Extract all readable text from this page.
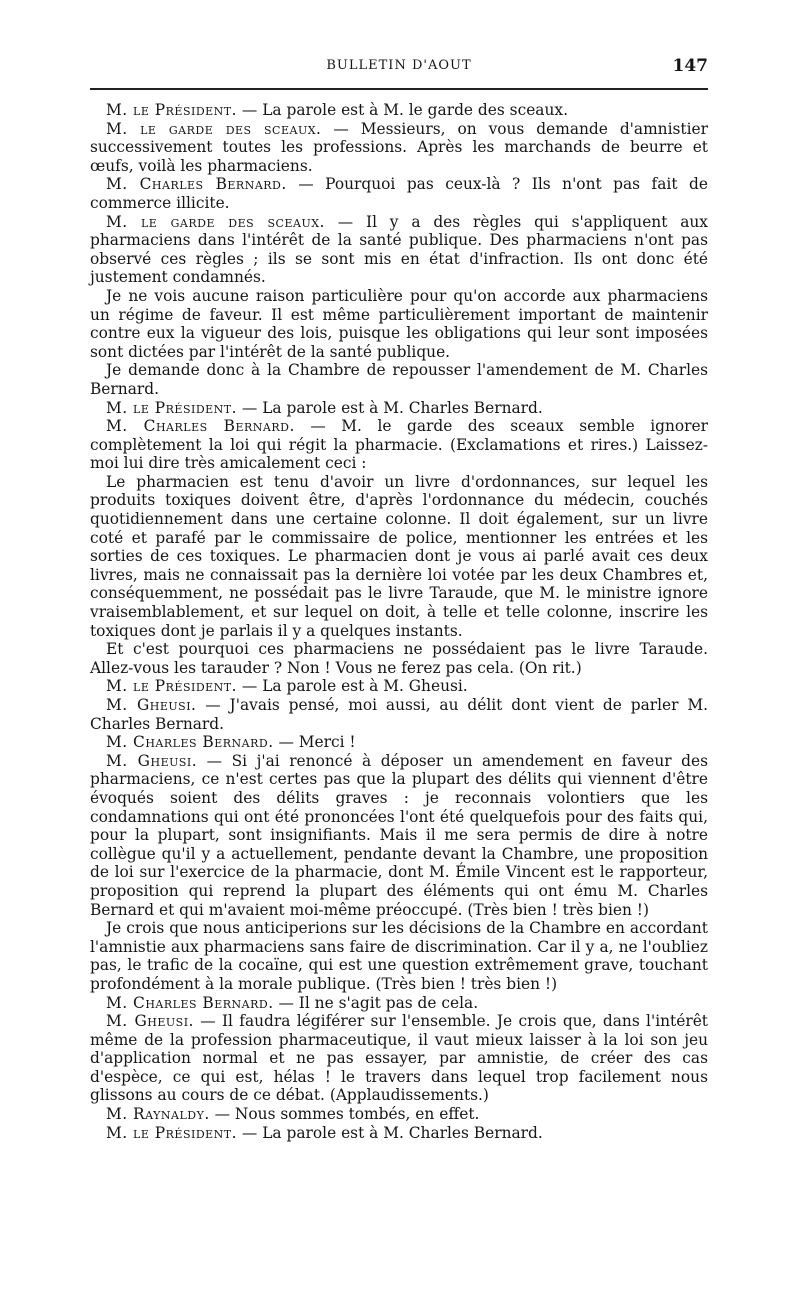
BULLETIN D'AOUT	147

M. le Président. — La parole est à M. le garde des sceaux.

M. le garde des sceaux. — Messieurs, on vous demande d'amnistier successivement toutes les professions. Après les marchands de beurre et œufs, voilà les pharmaciens.

M. Charles Bernard. — Pourquoi pas ceux-là ? Ils n'ont pas fait de commerce illicite.

M. le garde des sceaux. — Il y a des règles qui s'appliquent aux pharmaciens dans l'intérêt de la santé publique. Des pharmaciens n'ont pas observé ces règles ; ils se sont mis en état d'infraction. Ils ont donc été justement condamnés.

Je ne vois aucune raison particulière pour qu'on accorde aux pharmaciens un régime de faveur. Il est même particulièrement important de maintenir contre eux la vigueur des lois, puisque les obligations qui leur sont imposées sont dictées par l'intérêt de la santé publique.

Je demande donc à la Chambre de repousser l'amendement de M. Charles Bernard.

M. le Président. — La parole est à M. Charles Bernard.

M. Charles Bernard. — M. le garde des sceaux semble ignorer complètement la loi qui régit la pharmacie. (Exclamations et rires.) Laissez-moi lui dire très amicalement ceci :

Le pharmacien est tenu d'avoir un livre d'ordonnances, sur lequel les produits toxiques doivent être, d'après l'ordonnance du médecin, couchés quotidiennement dans une certaine colonne. Il doit également, sur un livre coté et parafé par le commissaire de police, mentionner les entrées et les sorties de ces toxiques. Le pharmacien dont je vous ai parlé avait ces deux livres, mais ne connaissait pas la dernière loi votée par les deux Chambres et, conséquemment, ne possédait pas le livre Taraude, que M. le ministre ignore vraisemblablement, et sur lequel on doit, à telle et telle colonne, inscrire les toxiques dont je parlais il y a quelques instants.

Et c'est pourquoi ces pharmaciens ne possédaient pas le livre Taraude. Allez-vous les tarauder ? Non ! Vous ne ferez pas cela. (On rit.)

M. le Président. — La parole est à M. Gheusi.

M. Gheusi. — J'avais pensé, moi aussi, au délit dont vient de parler M. Charles Bernard.

M. Charles Bernard. — Merci !

M. Gheusi. — Si j'ai renoncé à déposer un amendement en faveur des pharmaciens, ce n'est certes pas que la plupart des délits qui viennent d'être évoqués soient des délits graves : je reconnais volontiers que les condamnations qui ont été prononcées l'ont été quelquefois pour des faits qui, pour la plupart, sont insignifiants. Mais il me sera permis de dire à notre collègue qu'il y a actuellement, pendante devant la Chambre, une proposition de loi sur l'exercice de la pharmacie, dont M. Émile Vincent est le rapporteur, proposition qui reprend la plupart des éléments qui ont ému M. Charles Bernard et qui m'avaient moi-même préoccupé. (Très bien ! très bien !)

Je crois que nous anticiperions sur les décisions de la Chambre en accordant l'amnistie aux pharmaciens sans faire de discrimination. Car il y a, ne l'oubliez pas, le trafic de la cocaïne, qui est une question extrêmement grave, touchant profondément à la morale publique. (Très bien ! très bien !)

M. Charles Bernard. — Il ne s'agit pas de cela.

M. Gheusi. — Il faudra légiférer sur l'ensemble. Je crois que, dans l'intérêt même de la profession pharmaceutique, il vaut mieux laisser à la loi son jeu d'application normal et ne pas essayer, par amnistie, de créer des cas d'espèce, ce qui est, hélas ! le travers dans lequel trop facilement nous glissons au cours de ce débat. (Applaudissements.)

M. Raynaldy. — Nous sommes tombés, en effet.

M. le Président. — La parole est à M. Charles Bernard.
